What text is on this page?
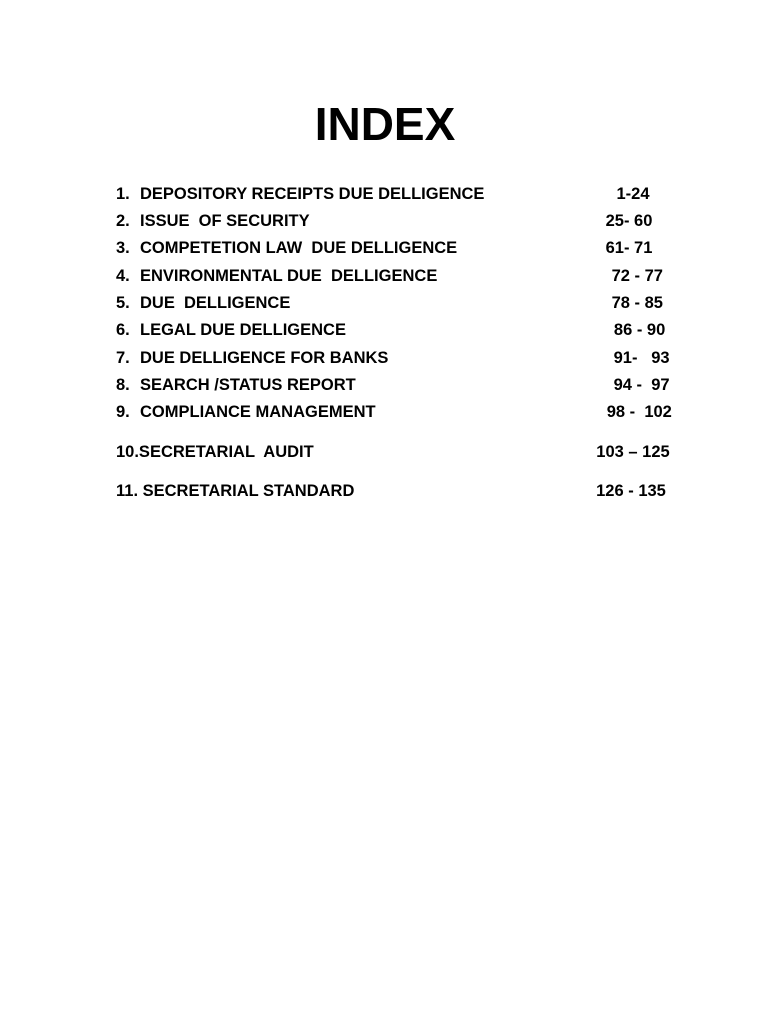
INDEX
1. DEPOSITORY RECEIPTS DUE DELLIGENCE	1-24
2. ISSUE  OF SECURITY	25- 60
3. COMPETETION LAW  DUE DELLIGENCE	61- 71
4. ENVIRONMENTAL DUE  DELLIGENCE	72 - 77
5. DUE  DELLIGENCE	78 - 85
6. LEGAL DUE DELLIGENCE	86 - 90
7. DUE DELLIGENCE FOR BANKS	91-   93
8. SEARCH /STATUS REPORT	94 -  97
9. COMPLIANCE MANAGEMENT	98 -  102
10.SECRETARIAL  AUDIT	103 – 125
11. SECRETARIAL STANDARD	126 - 135
